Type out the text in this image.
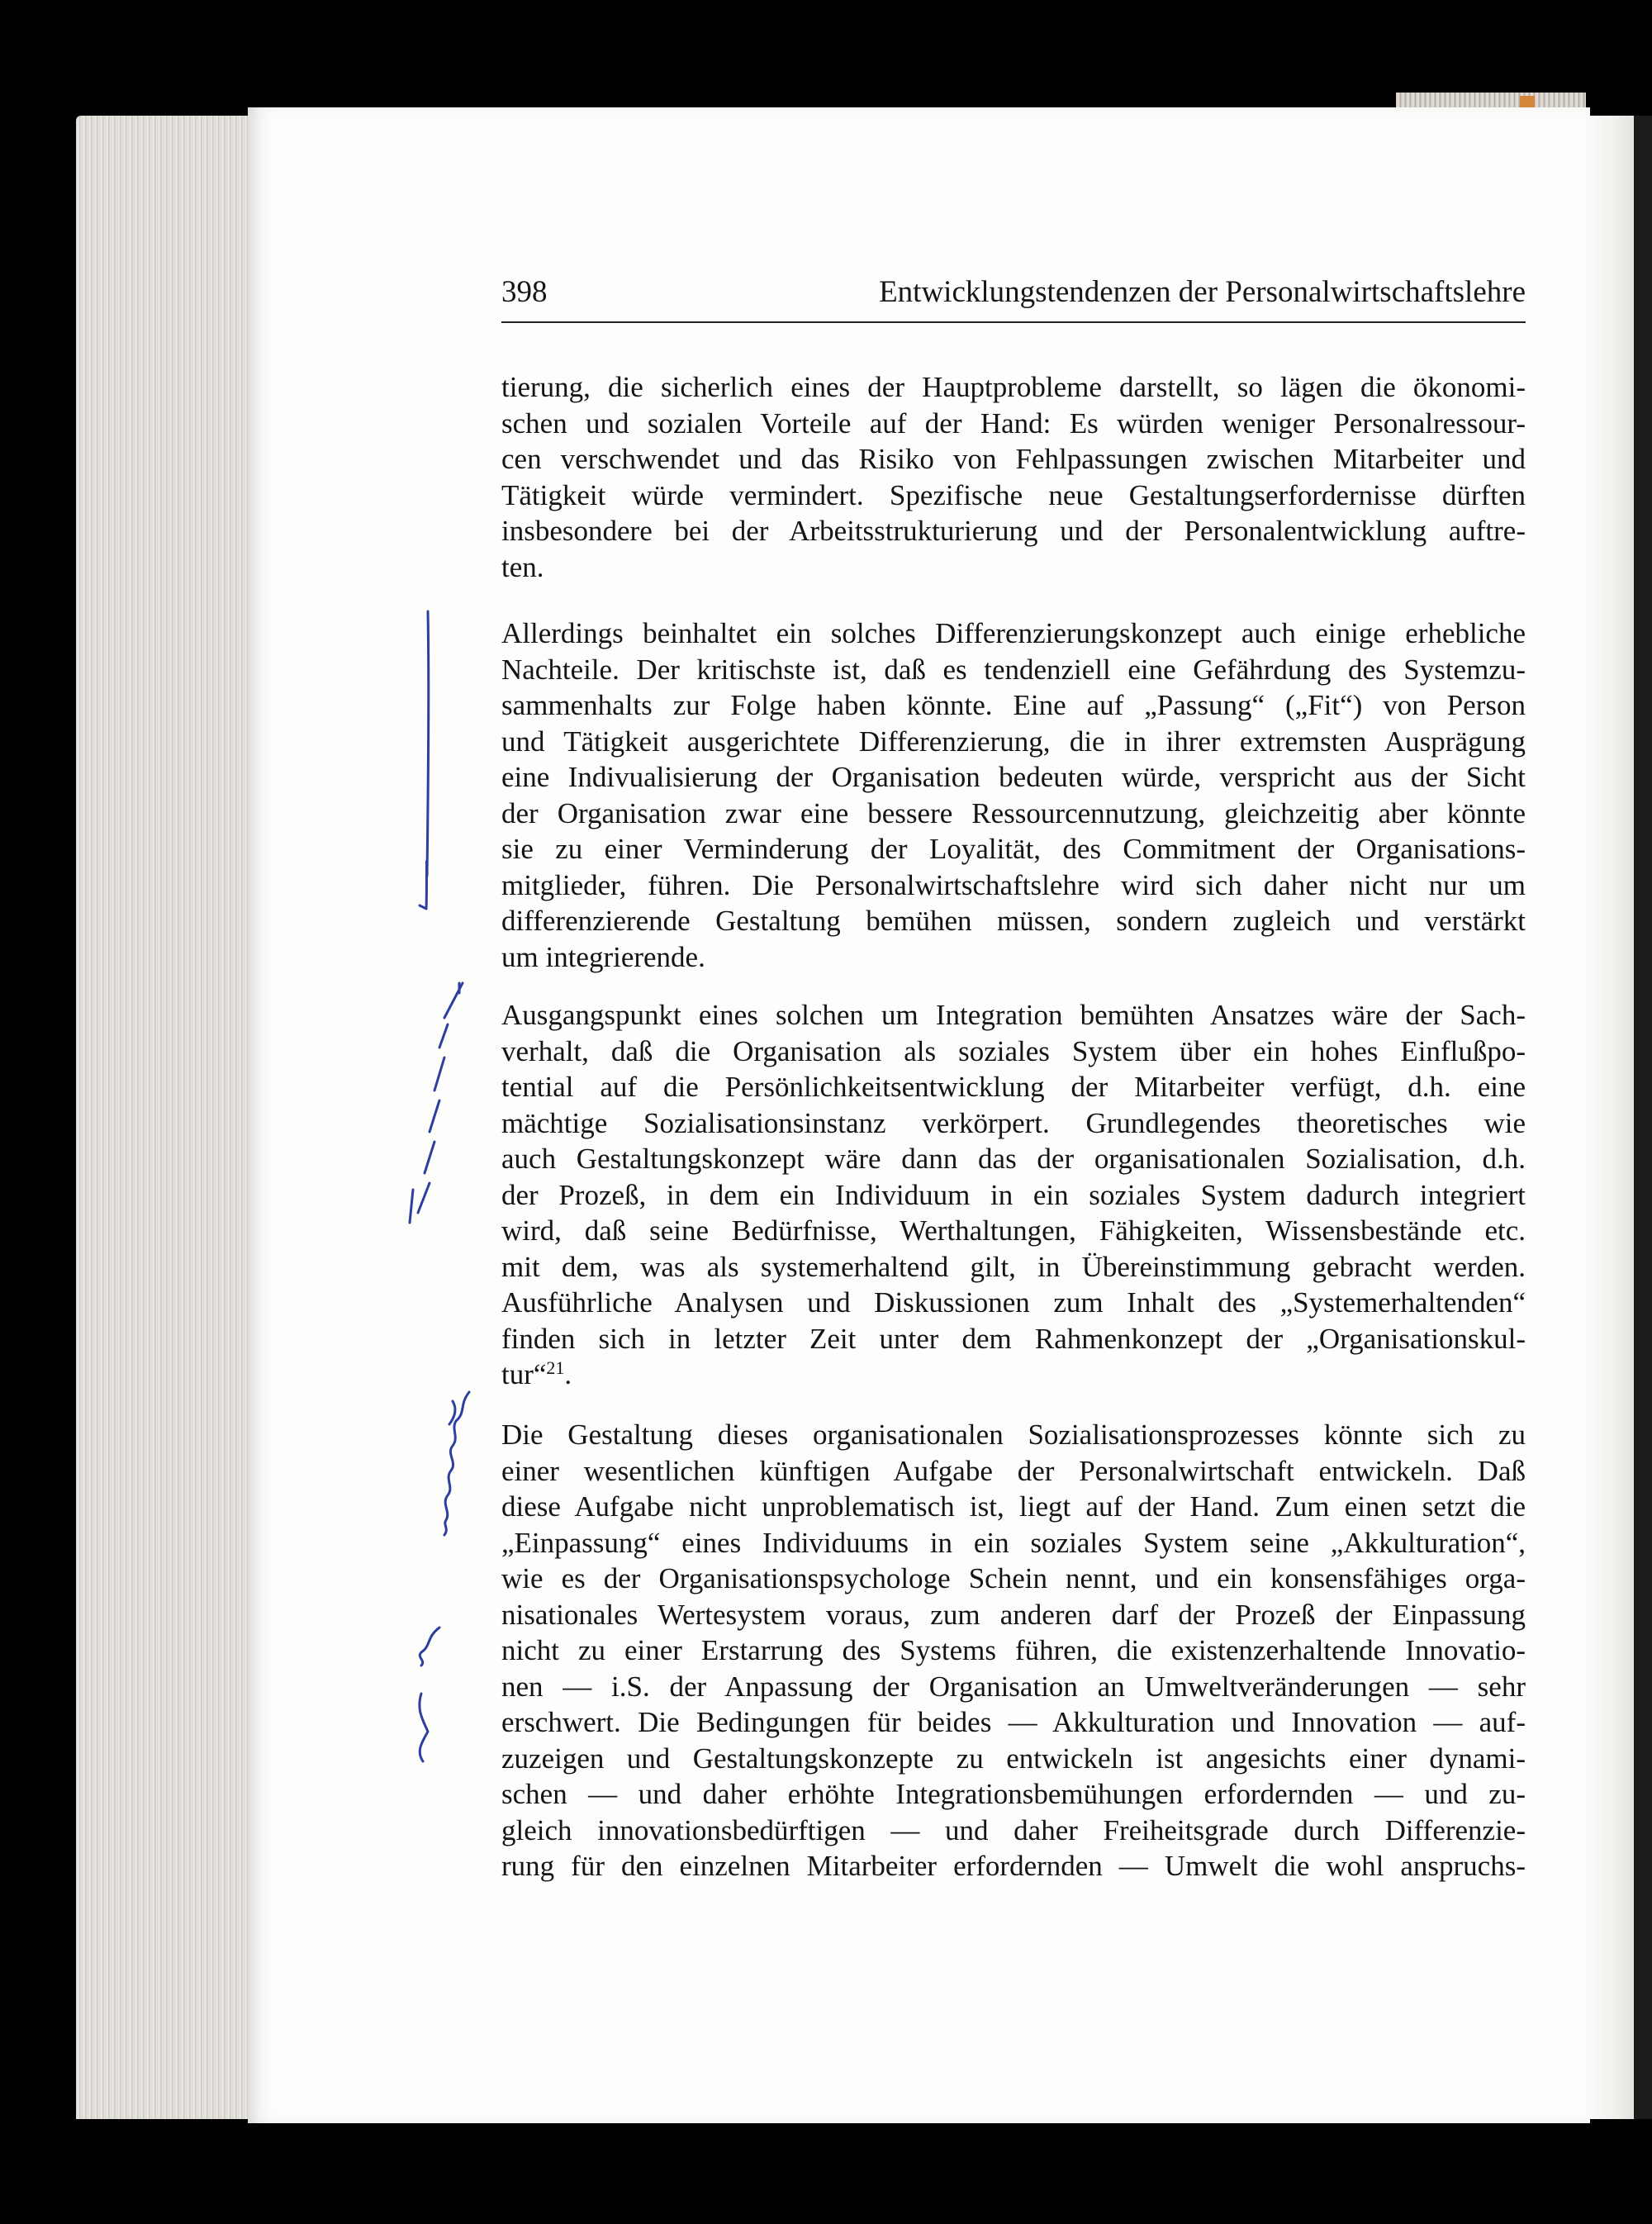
398	Entwicklungstendenzen der Personalwirtschaftslehre

tierung, die sicherlich eines der Hauptprobleme darstellt, so lägen die ökonomi-
schen und sozialen Vorteile auf der Hand: Es würden weniger Personalressour-
cen verschwendet und das Risiko von Fehlpassungen zwischen Mitarbeiter und
Tätigkeit würde vermindert. Spezifische neue Gestaltungserfordernisse dürften
insbesondere bei der Arbeitsstrukturierung und der Personalentwicklung auftre-
ten.

Allerdings beinhaltet ein solches Differenzierungskonzept auch einige erhebliche
Nachteile. Der kritischste ist, daß es tendenziell eine Gefährdung des Systemzu-
sammenhalts zur Folge haben könnte. Eine auf „Passung“ („Fit“) von Person
und Tätigkeit ausgerichtete Differenzierung, die in ihrer extremsten Ausprägung
eine Indivualisierung der Organisation bedeuten würde, verspricht aus der Sicht
der Organisation zwar eine bessere Ressourcennutzung, gleichzeitig aber könnte
sie zu einer Verminderung der Loyalität, des Commitment der Organisations-
mitglieder, führen. Die Personalwirtschaftslehre wird sich daher nicht nur um
differenzierende Gestaltung bemühen müssen, sondern zugleich und verstärkt
um integrierende.

Ausgangspunkt eines solchen um Integration bemühten Ansatzes wäre der Sach-
verhalt, daß die Organisation als soziales System über ein hohes Einflußpo-
tential auf die Persönlichkeitsentwicklung der Mitarbeiter verfügt, d.h. eine
mächtige Sozialisationsinstanz verkörpert. Grundlegendes theoretisches wie
auch Gestaltungskonzept wäre dann das der organisationalen Sozialisation, d.h.
der Prozeß, in dem ein Individuum in ein soziales System dadurch integriert
wird, daß seine Bedürfnisse, Werthaltungen, Fähigkeiten, Wissensbestände etc.
mit dem, was als systemerhaltend gilt, in Übereinstimmung gebracht werden.
Ausführliche Analysen und Diskussionen zum Inhalt des „Systemerhaltenden“
finden sich in letzter Zeit unter dem Rahmenkonzept der „Organisationskul-
tur“$^{21}$.

Die Gestaltung dieses organisationalen Sozialisationsprozesses könnte sich zu
einer wesentlichen künftigen Aufgabe der Personalwirtschaft entwickeln. Daß
diese Aufgabe nicht unproblematisch ist, liegt auf der Hand. Zum einen setzt die
„Einpassung“ eines Individuums in ein soziales System seine „Akkulturation“,
wie es der Organisationspsychologe Schein nennt, und ein konsensfähiges orga-
nisationales Wertesystem voraus, zum anderen darf der Prozeß der Einpassung
nicht zu einer Erstarrung des Systems führen, die existenzerhaltende Innovatio-
nen — i.S. der Anpassung der Organisation an Umweltveränderungen — sehr
erschwert. Die Bedingungen für beides — Akkulturation und Innovation — auf-
zuzeigen und Gestaltungskonzepte zu entwickeln ist angesichts einer dynami-
schen — und daher erhöhte Integrationsbemühungen erfordernden — und zu-
gleich innovationsbedürftigen — und daher Freiheitsgrade durch Differenzie-
rung für den einzelnen Mitarbeiter erfordernden — Umwelt die wohl anspruchs-
